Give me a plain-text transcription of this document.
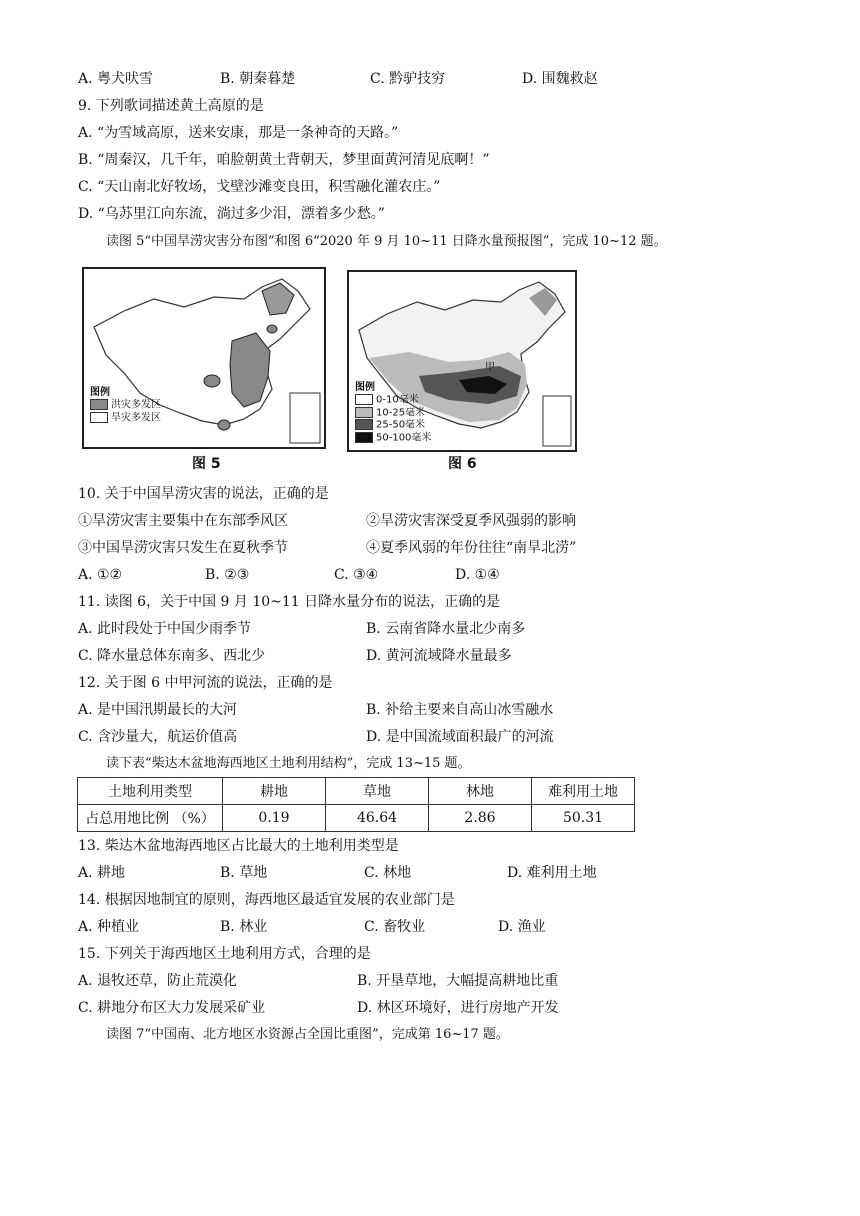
A. 粤犬吠雪	B. 朝秦暮楚	C. 黔驴技穷	D. 围魏救赵
9. 下列歌词描述黄土高原的是
A. “为雪域高原，送来安康，那是一条神奇的天路。”
B. “周秦汉，几千年，咱脸朝黄土背朝天，梦里面黄河清见底啊！”
C. “天山南北好牧场，戈壁沙滩变良田，积雪融化灌农庄。”
D. “乌苏里江向东流，淌过多少泪，漂着多少愁。”
读图 5“中国旱涝灾害分布图”和图 6“2020 年 9 月 10~11 日降水量预报图”，完成 10~12 题。
图例
洪灾多发区
旱灾多发区
图 5
甲
图例
0-10毫米
10-25毫米
25-50毫米
50-100毫米
图 6
10. 关于中国旱涝灾害的说法，正确的是
①旱涝灾害主要集中在东部季风区	②旱涝灾害深受夏季风强弱的影响
③中国旱涝灾害只发生在夏秋季节	④夏季风弱的年份往往“南旱北涝”
A. ①②	B. ②③	C. ③④	D. ①④
11. 读图 6，关于中国 9 月 10~11 日降水量分布的说法，正确的是
A. 此时段处于中国少雨季节	B. 云南省降水量北少南多
C. 降水量总体东南多、西北少	D. 黄河流域降水量最多
12. 关于图 6 中甲河流的说法，正确的是
A. 是中国汛期最长的大河	B. 补给主要来自高山冰雪融水
C. 含沙量大，航运价值高	D. 是中国流域面积最广的河流
读下表“柴达木盆地海西地区土地利用结构”，完成 13~15 题。
土地利用类型	耕地	草地	林地	难利用土地
占总用地比例 （%）	0.19	46.64	2.86	50.31
13. 柴达木盆地海西地区占比最大的土地利用类型是
A. 耕地	B. 草地	C. 林地	D. 难利用土地
14. 根据因地制宜的原则，海西地区最适宜发展的农业部门是
A. 种植业	B. 林业	C. 畜牧业	D. 渔业
15. 下列关于海西地区土地利用方式，合理的是
A. 退牧还草，防止荒漠化	B. 开垦草地，大幅提高耕地比重
C. 耕地分布区大力发展采矿业	D. 林区环境好，进行房地产开发
读图 7“中国南、北方地区水资源占全国比重图”，完成第 16~17 题。
